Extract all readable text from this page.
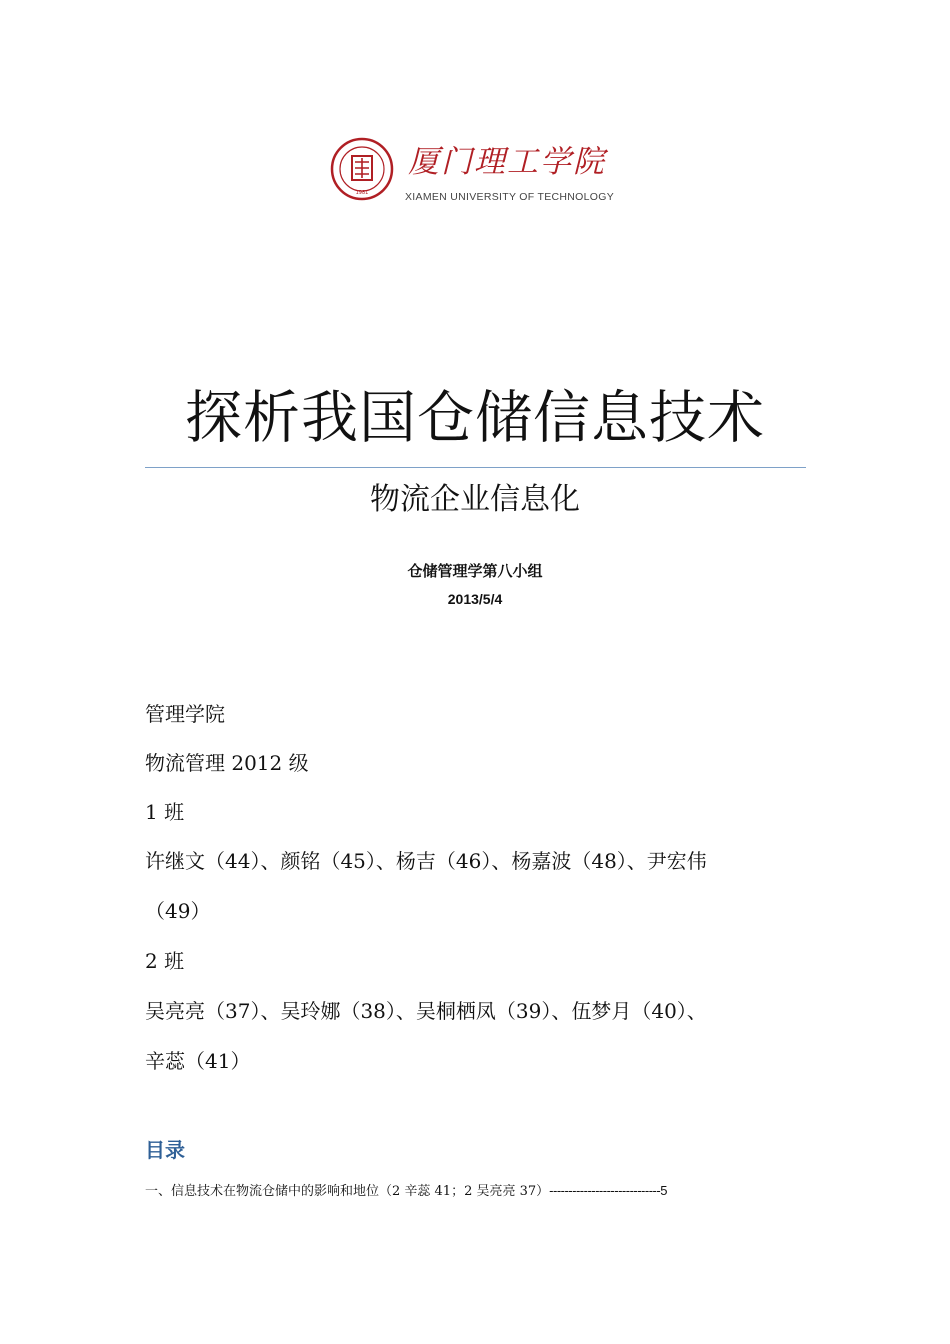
1981
厦门理工学院
XIAMEN UNIVERSITY OF TECHNOLOGY
探析我国仓储信息技术
物流企业信息化
仓储管理学第八小组
2013/5/4
管理学院
物流管理 2012 级
1 班
许继文（44）、颜铭（45）、杨吉（46）、杨嘉波（48）、尹宏伟
（49）
2 班
吴亮亮（37）、吴玲娜（38）、吴桐栖凤（39）、伍梦月（40）、
辛蕊（41）
目录
一、信息技术在物流仓储中的影响和地位（2 辛蕊 41；2 吴亮亮 37）-----------------------------5
